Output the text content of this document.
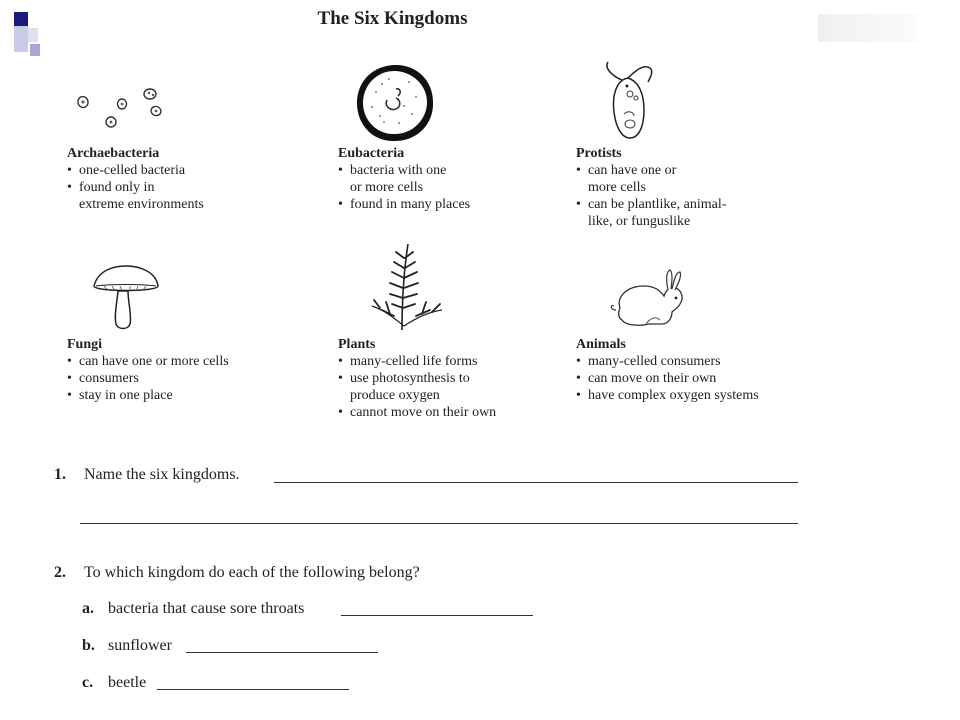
The Six Kingdoms
Archaebacteria
• one-celled bacteria
• found only in
extreme environments
Eubacteria
• bacteria with one
or more cells
• found in many places
Protists
• can have one or
more cells
• can be plantlike, animal-
like, or funguslike
Fungi
• can have one or more cells
• consumers
• stay in one place
Plants
• many-celled life forms
• use photosynthesis to
produce oxygen
• cannot move on their own
Animals
• many-celled consumers
• can move on their own
• have complex oxygen systems
1. Name the six kingdoms.
2. To which kingdom do each of the following belong?
a. bacteria that cause sore throats
b. sunflower
c. beetle
